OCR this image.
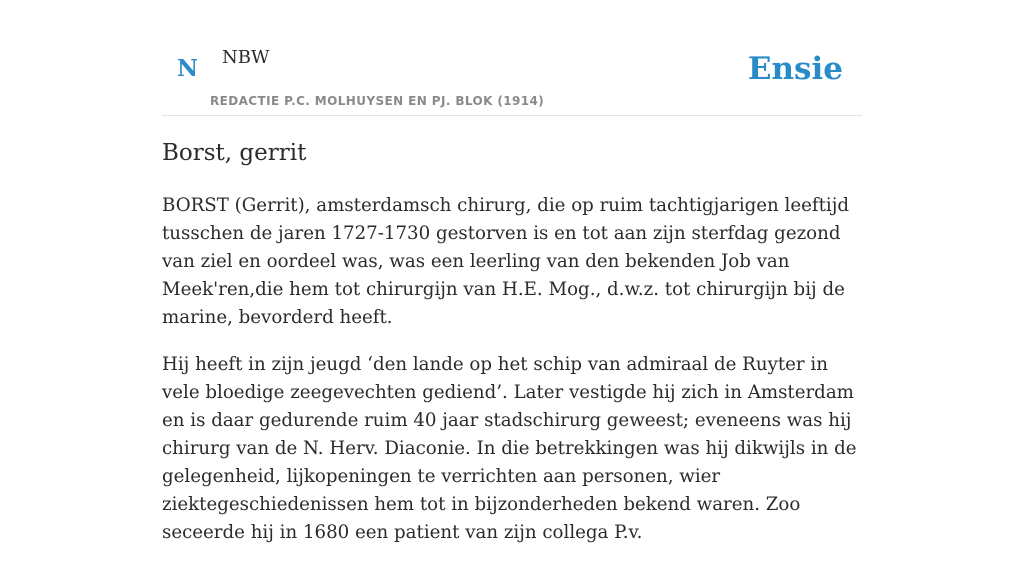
N NBW
REDACTIE P.C. MOLHUYSEN EN PJ. BLOK (1914)
Ensie
Borst, gerrit

BORST (Gerrit), amsterdamsch chirurg, die op ruim tachtigjarigen leeftijd tusschen de jaren 1727-1730 gestorven is en tot aan zijn sterfdag gezond van ziel en oordeel was, was een leerling van den bekenden Job van Meek'ren,die hem tot chirurgijn van H.E. Mog., d.w.z. tot chirurgijn bij de marine, bevorderd heeft.

Hij heeft in zijn jeugd ‘den lande op het schip van admiraal de Ruyter in vele bloedige zeegevechten gediend’. Later vestigde hij zich in Amsterdam en is daar gedurende ruim 40 jaar stadschirurg geweest; eveneens was hij chirurg van de N. Herv. Diaconie. In die betrekkingen was hij dikwijls in de gelegenheid, lijkopeningen te verrichten aan personen, wier ziektegeschiedenissen hem tot in bijzonderheden bekend waren. Zoo seceerde hij in 1680 een patient van zijn collega P.v.
